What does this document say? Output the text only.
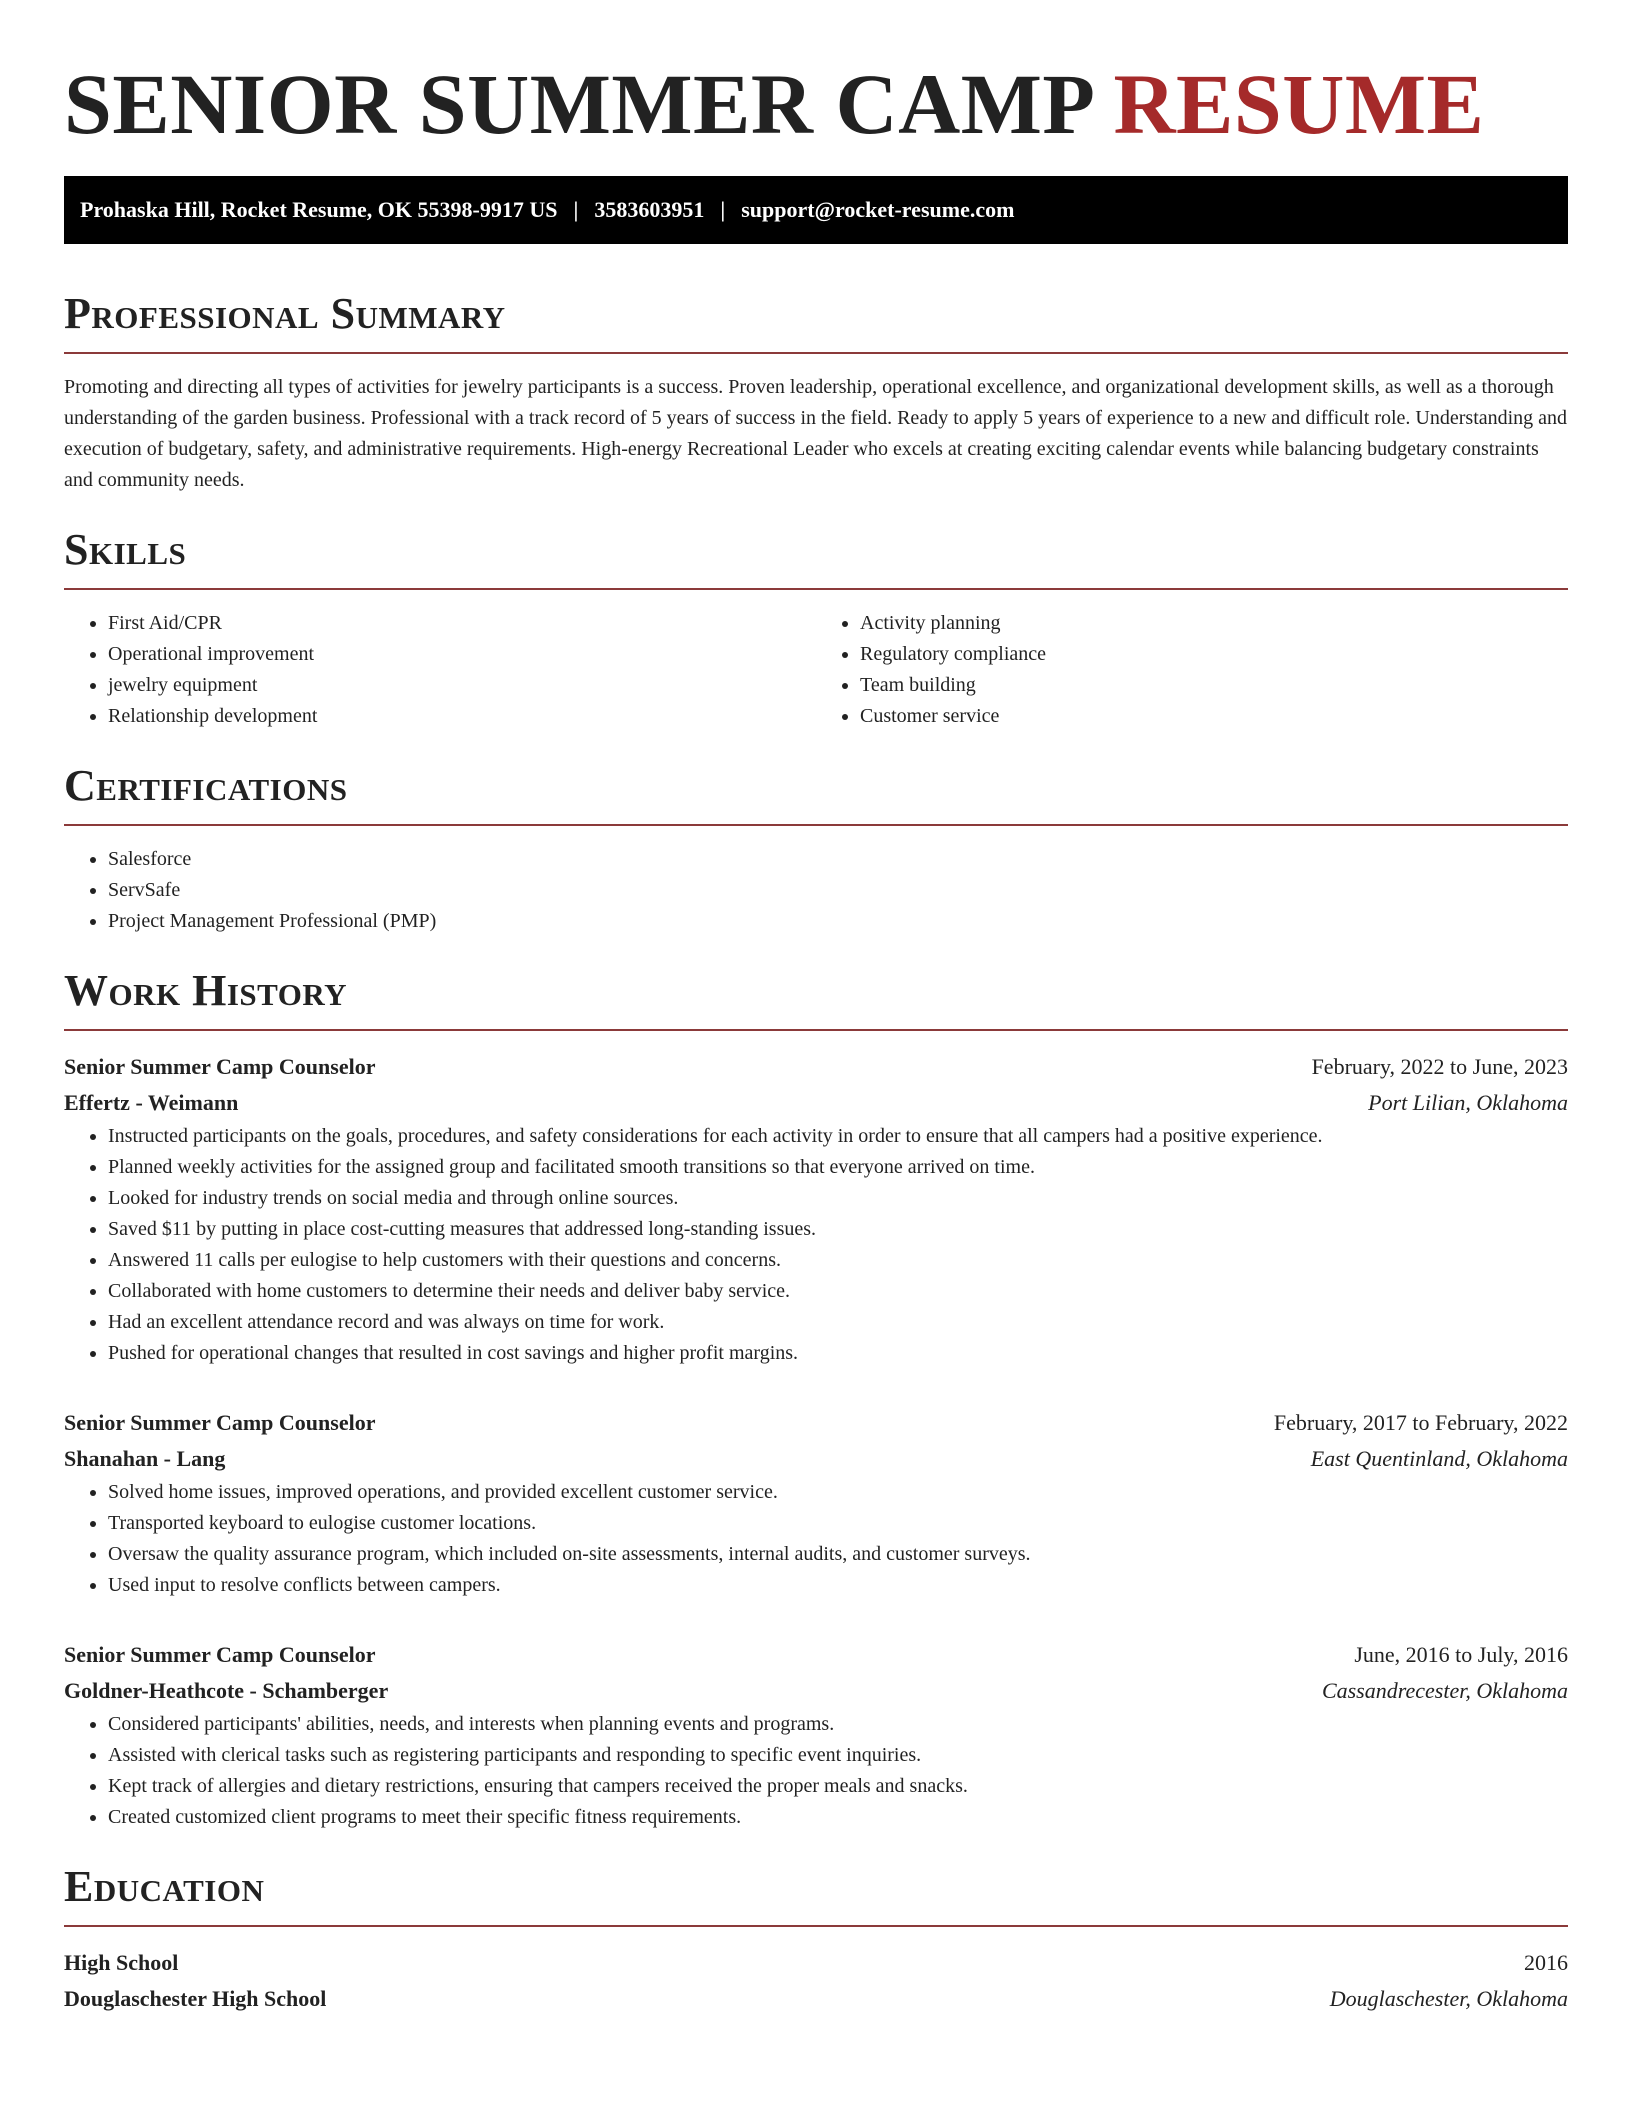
SENIOR SUMMER CAMP RESUME
Prohaska Hill, Rocket Resume, OK 55398-9917 US | 3583603951 | support@rocket-resume.com
Professional Summary

Promoting and directing all types of activities for jewelry participants is a success. Proven leadership, operational excellence, and organizational development skills, as well as a thorough understanding of the garden business. Professional with a track record of 5 years of success in the field. Ready to apply 5 years of experience to a new and difficult role. Understanding and execution of budgetary, safety, and administrative requirements. High-energy Recreational Leader who excels at creating exciting calendar events while balancing budgetary constraints and community needs.

Skills
• First Aid/CPR
• Operational improvement
• jewelry equipment
• Relationship development
• Activity planning
• Regulatory compliance
• Team building
• Customer service
Certifications
• Salesforce
• ServSafe
• Project Management Professional (PMP)
Work History
Senior Summer Camp Counselor	February, 2022 to June, 2023
Effertz - Weimann	Port Lilian, Oklahoma
• Instructed participants on the goals, procedures, and safety considerations for each activity in order to ensure that all campers had a positive experience.
• Planned weekly activities for the assigned group and facilitated smooth transitions so that everyone arrived on time.
• Looked for industry trends on social media and through online sources.
• Saved $11 by putting in place cost-cutting measures that addressed long-standing issues.
• Answered 11 calls per eulogise to help customers with their questions and concerns.
• Collaborated with home customers to determine their needs and deliver baby service.
• Had an excellent attendance record and was always on time for work.
• Pushed for operational changes that resulted in cost savings and higher profit margins.
Senior Summer Camp Counselor	February, 2017 to February, 2022
Shanahan - Lang	East Quentinland, Oklahoma
• Solved home issues, improved operations, and provided excellent customer service.
• Transported keyboard to eulogise customer locations.
• Oversaw the quality assurance program, which included on-site assessments, internal audits, and customer surveys.
• Used input to resolve conflicts between campers.
Senior Summer Camp Counselor	June, 2016 to July, 2016
Goldner-Heathcote - Schamberger	Cassandrecester, Oklahoma
• Considered participants' abilities, needs, and interests when planning events and programs.
• Assisted with clerical tasks such as registering participants and responding to specific event inquiries.
• Kept track of allergies and dietary restrictions, ensuring that campers received the proper meals and snacks.
• Created customized client programs to meet their specific fitness requirements.
Education
High School	2016
Douglaschester High School	Douglaschester, Oklahoma
